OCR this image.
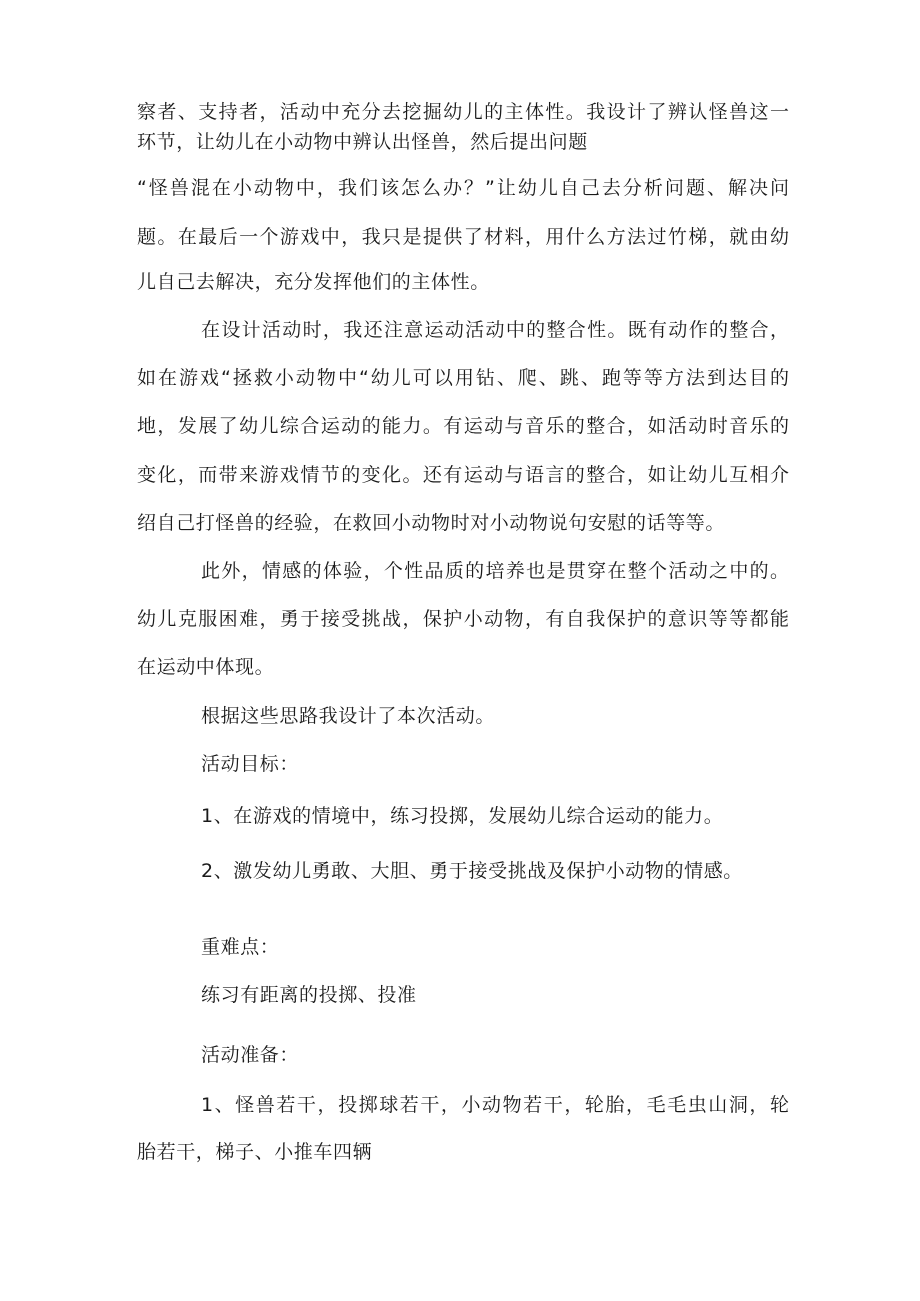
察者、支持者，活动中充分去挖掘幼儿的主体性。我设计了辨认怪兽这一
环节，让幼儿在小动物中辨认出怪兽，然后提出问题
“怪兽混在小动物中，我们该怎么办？”让幼儿自己去分析问题、解决问
题。在最后一个游戏中，我只是提供了材料，用什么方法过竹梯，就由幼
儿自己去解决，充分发挥他们的主体性。
在设计活动时，我还注意运动活动中的整合性。既有动作的整合，
如在游戏“拯救小动物中“幼儿可以用钻、爬、跳、跑等等方法到达目的
地，发展了幼儿综合运动的能力。有运动与音乐的整合，如活动时音乐的
变化，而带来游戏情节的变化。还有运动与语言的整合，如让幼儿互相介
绍自己打怪兽的经验，在救回小动物时对小动物说句安慰的话等等。
此外，情感的体验，个性品质的培养也是贯穿在整个活动之中的。
幼儿克服困难，勇于接受挑战，保护小动物，有自我保护的意识等等都能
在运动中体现。
根据这些思路我设计了本次活动。
活动目标：
1、在游戏的情境中，练习投掷，发展幼儿综合运动的能力。
2、激发幼儿勇敢、大胆、勇于接受挑战及保护小动物的情感。
重难点：
练习有距离的投掷、投准
活动准备：
1、怪兽若干，投掷球若干，小动物若干，轮胎，毛毛虫山洞，轮
胎若干，梯子、小推车四辆
